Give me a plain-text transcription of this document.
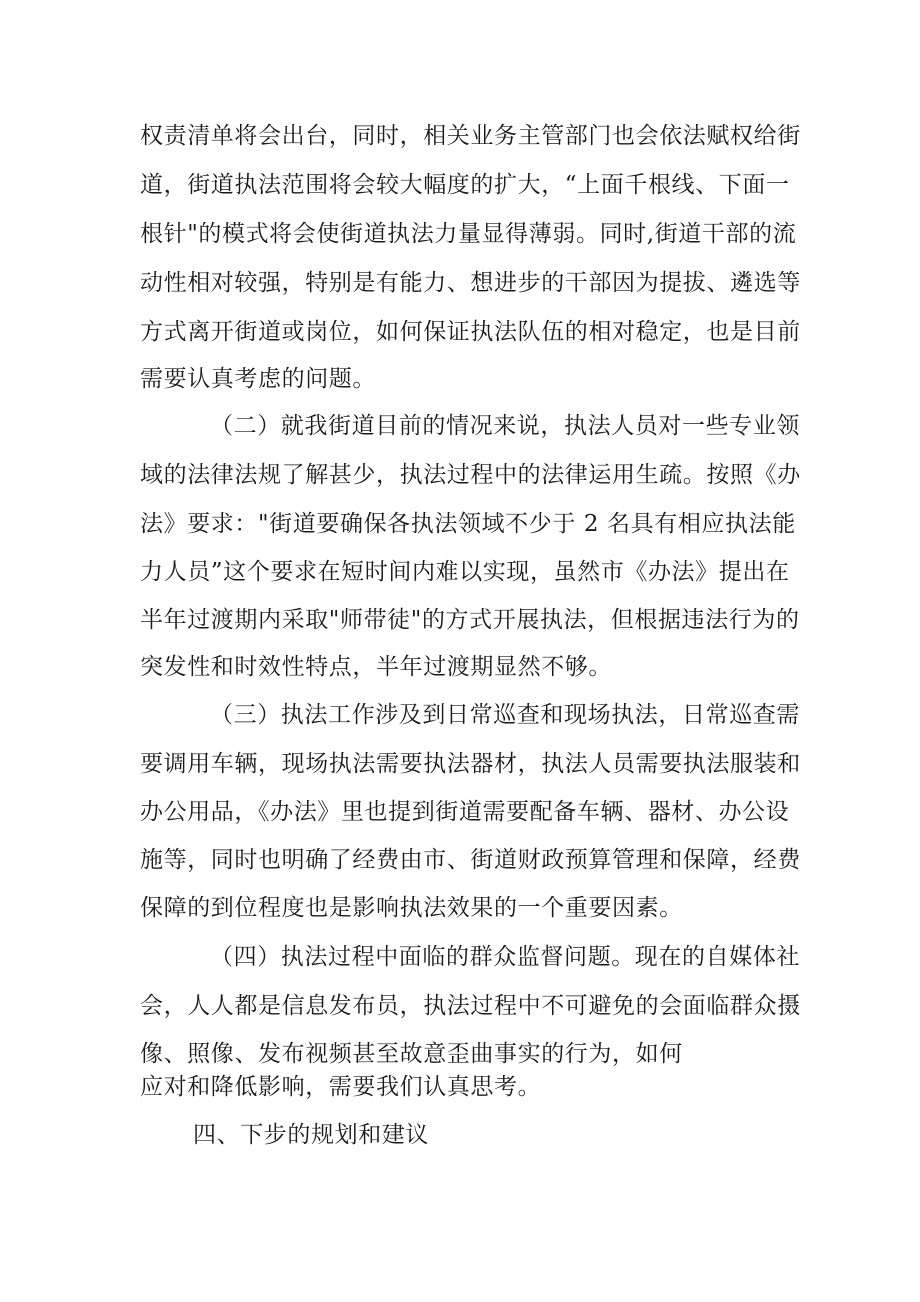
权责清单将会出台，同时，相关业务主管部门也会依法赋权给街
道，街道执法范围将会较大幅度的扩大，“上面千根线、下面一
根针"的模式将会使街道执法力量显得薄弱。同时,街道干部的流
动性相对较强，特别是有能力、想进步的干部因为提拔、遴选等
方式离开街道或岗位，如何保证执法队伍的相对稳定，也是目前
需要认真考虑的问题。
（二）就我街道目前的情况来说，执法人员对一些专业领
域的法律法规了解甚少，执法过程中的法律运用生疏。按照《办
法》要求："街道要确保各执法领域不少于 2 名具有相应执法能
力人员”这个要求在短时间内难以实现，虽然市《办法》提出在
半年过渡期内采取"师带徒"的方式开展执法，但根据违法行为的
突发性和时效性特点，半年过渡期显然不够。
（三）执法工作涉及到日常巡查和现场执法，日常巡查需
要调用车辆，现场执法需要执法器材，执法人员需要执法服装和
办公用品，《办法》里也提到街道需要配备车辆、器材、办公设
施等，同时也明确了经费由市、街道财政预算管理和保障，经费
保障的到位程度也是影响执法效果的一个重要因素。
（四）执法过程中面临的群众监督问题。现在的自媒体社
会，人人都是信息发布员，执法过程中不可避免的会面临群众摄
像、照像、发布视频甚至故意歪曲事实的行为，如何
应对和降低影响，需要我们认真思考。
四、下步的规划和建议
